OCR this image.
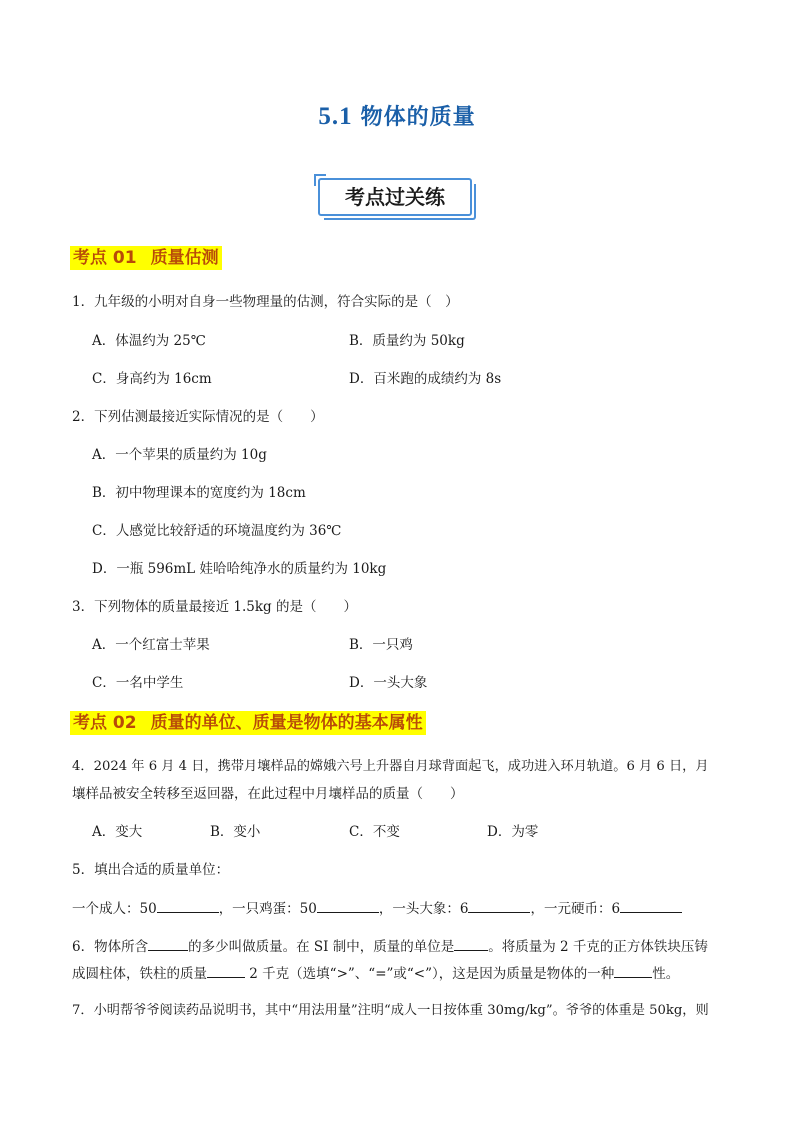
5.1 物体的质量
考点过关练
考点 01 质量估测
1．九年级的小明对自身一些物理量的估测，符合实际的是（　）
A．体温约为 25℃	B．质量约为 50kg
C．身高约为 16cm	D．百米跑的成绩约为 8s
2．下列估测最接近实际情况的是（　　）
A．一个苹果的质量约为 10g
B．初中物理课本的宽度约为 18cm
C．人感觉比较舒适的环境温度约为 36℃
D．一瓶 596mL 娃哈哈纯净水的质量约为 10kg
3．下列物体的质量最接近 1.5kg 的是（　　）
A．一个红富士苹果	B．一只鸡
C．一名中学生	D．一头大象
考点 02 质量的单位、质量是物体的基本属性
4．2024 年 6 月 4 日，携带月壤样品的嫦娥六号上升器自月球背面起飞，成功进入环月轨道。6 月 6 日，月
壤样品被安全转移至返回器，在此过程中月壤样品的质量（　　）
A．变大	B．变小	C．不变	D．为零
5．填出合适的质量单位：
一个成人：50	，一只鸡蛋：50	，一头大象：6	，一元硬币：6
6．物体所含	的多少叫做质量。在 SI 制中，质量的单位是	。将质量为 2 千克的正方体铁块压铸
成圆柱体，铁柱的质量	2 千克（选填“>”、“=”或“<”），这是因为质量是物体的一种	性。
7．小明帮爷爷阅读药品说明书，其中“用法用量”注明“成人一日按体重 30mg/kg”。爷爷的体重是 50kg，则
